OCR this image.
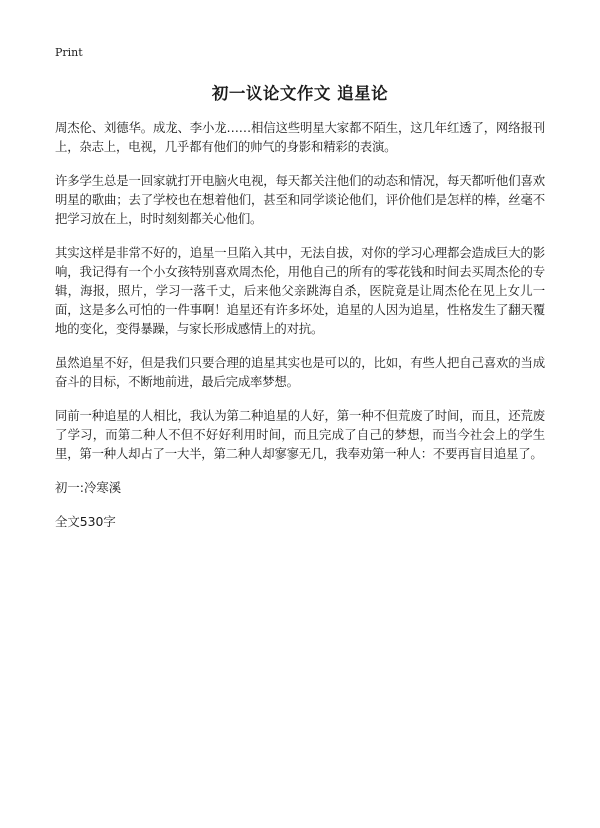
Print
初一议论文作文 追星论

周杰伦、刘德华。成龙、李小龙……相信这些明星大家都不陌生，这几年红透了，网络报刊上，杂志上，电视，几乎都有他们的帅气的身影和精彩的表演。

许多学生总是一回家就打开电脑火电视，每天都关注他们的动态和情况，每天都听他们喜欢明星的歌曲；去了学校也在想着他们，甚至和同学谈论他们，评价他们是怎样的棒，丝毫不把学习放在上，时时刻刻都关心他们。

其实这样是非常不好的，追星一旦陷入其中，无法自拔，对你的学习心理都会造成巨大的影响，我记得有一个小女孩特别喜欢周杰伦，用他自己的所有的零花钱和时间去买周杰伦的专辑，海报，照片，学习一落千丈，后来他父亲跳海自杀，医院竟是让周杰伦在见上女儿一面，这是多么可怕的一件事啊！追星还有许多坏处，追星的人因为追星，性格发生了翻天覆地的变化，变得暴躁，与家长形成感情上的对抗。

虽然追星不好，但是我们只要合理的追星其实也是可以的，比如，有些人把自己喜欢的当成奋斗的目标，不断地前进，最后完成率梦想。

同前一种追星的人相比，我认为第二种追星的人好，第一种不但荒废了时间，而且，还荒废了学习，而第二种人不但不好好利用时间，而且完成了自己的梦想，而当今社会上的学生里，第一种人却占了一大半，第二种人却寥寥无几，我奉劝第一种人：不要再盲目追星了。

初一:冷寒溪

全文530字
